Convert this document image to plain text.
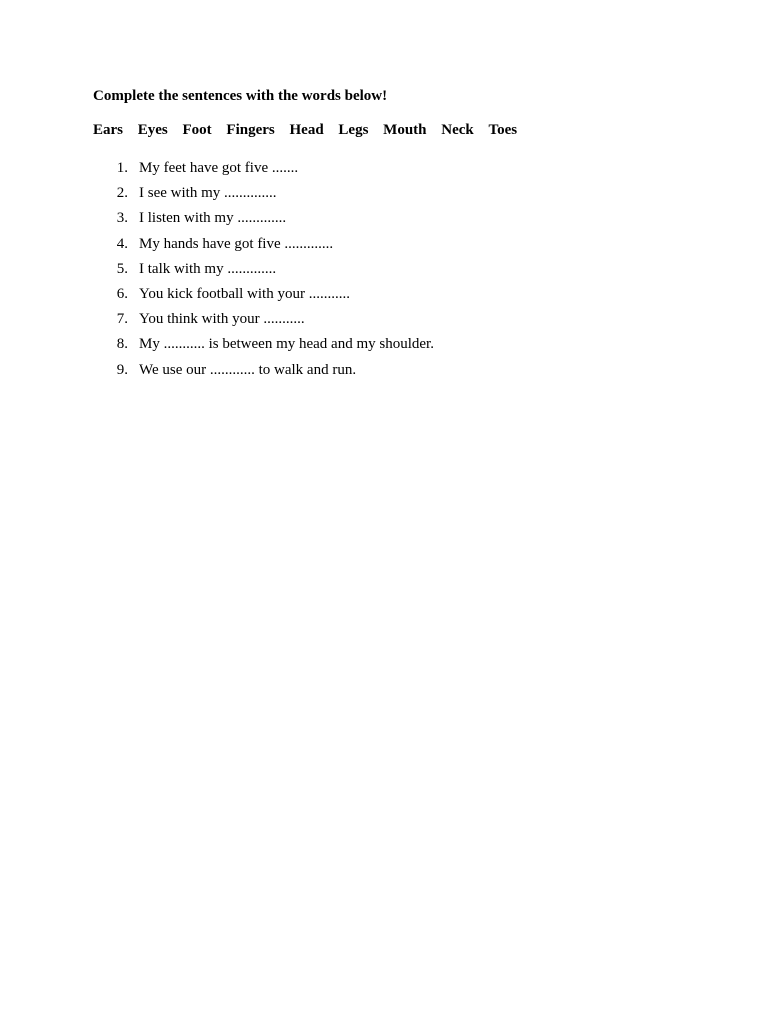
Complete the sentences with the words below!
Ears Eyes Foot Fingers Head Legs Mouth Neck Toes
1. My feet have got five .......
2. I see with my ..............
3. I listen with my .............
4. My hands have got five .............
5. I talk with my .............
6. You kick football with your ...........
7. You think with your ...........
8. My ........... is between my head and my shoulder.
9. We use our ............ to walk and run.
